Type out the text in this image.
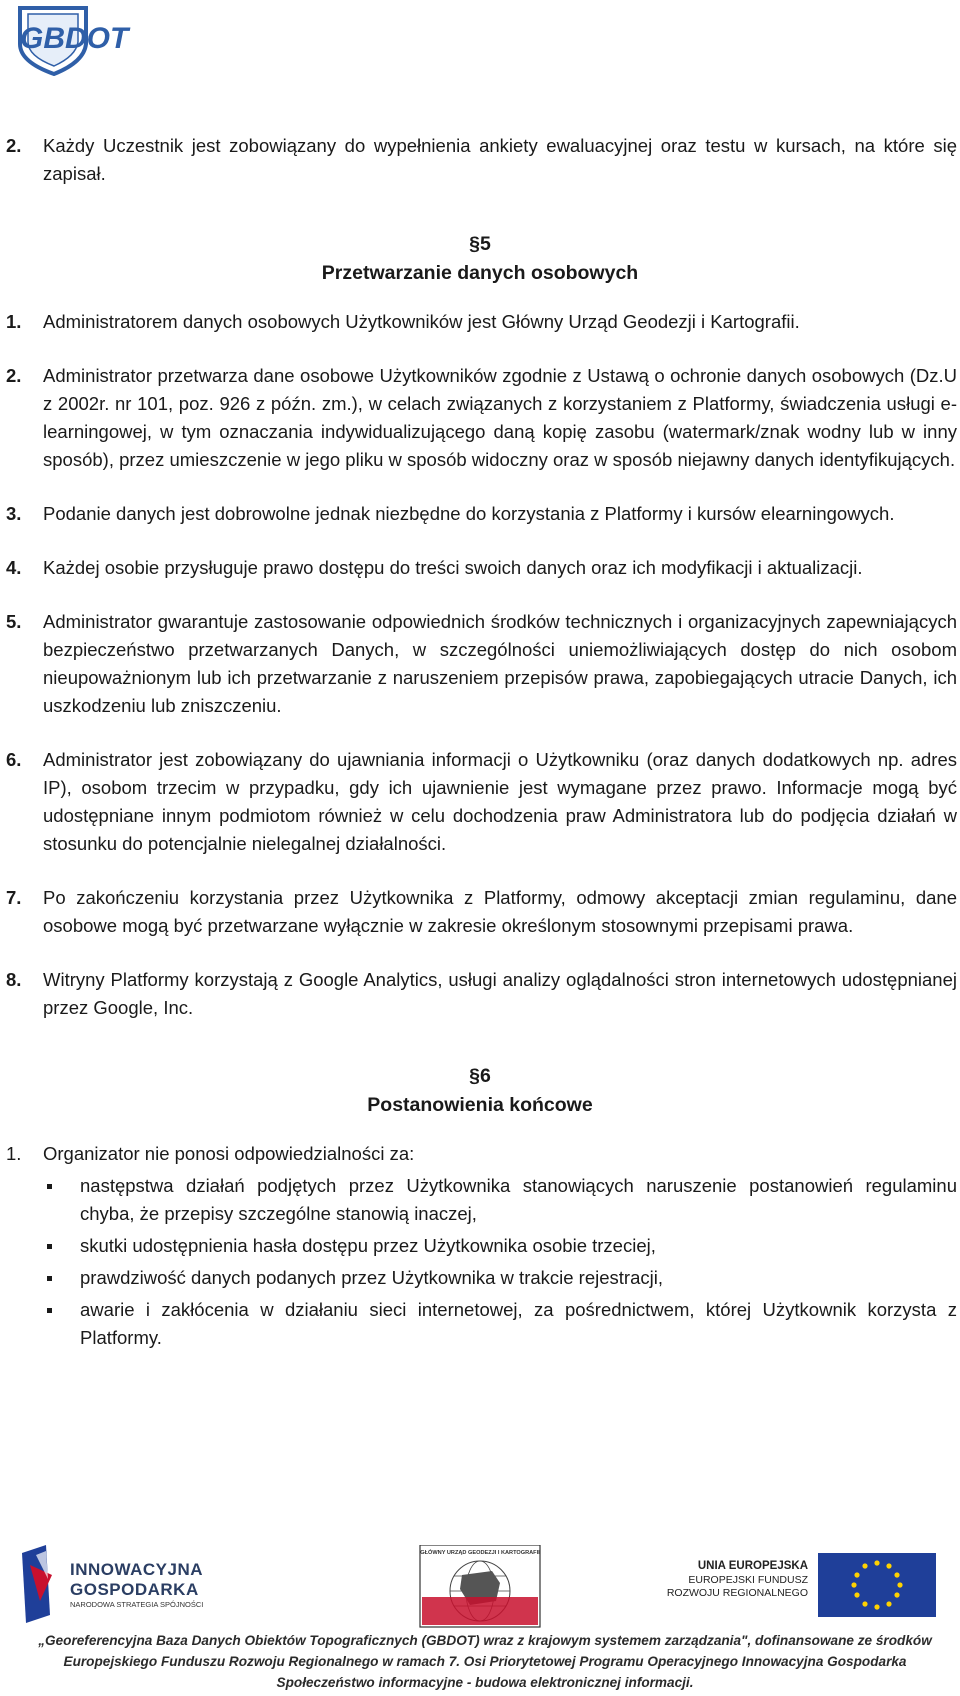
GBDOT
2. Każdy Uczestnik jest zobowiązany do wypełnienia ankiety ewaluacyjnej oraz testu w kursach, na które się zapisał.

§5

Przetwarzanie danych osobowych

1. Administratorem danych osobowych Użytkowników jest Główny Urząd Geodezji i Kartografii.
2. Administrator przetwarza dane osobowe Użytkowników zgodnie z Ustawą o ochronie danych osobowych (Dz.U z 2002r. nr 101, poz. 926 z późn. zm.), w celach związanych z korzystaniem z Platformy, świadczenia usługi e-learningowej, w tym oznaczania indywidualizującego daną kopię zasobu (watermark/znak wodny lub w inny sposób), przez umieszczenie w jego pliku w sposób widoczny oraz w sposób niejawny danych identyfikujących.
3. Podanie danych jest dobrowolne jednak niezbędne do korzystania z Platformy i kursów elearningowych.
4. Każdej osobie przysługuje prawo dostępu do treści swoich danych oraz ich modyfikacji i aktualizacji.
5. Administrator gwarantuje zastosowanie odpowiednich środków technicznych i organizacyjnych zapewniających bezpieczeństwo przetwarzanych Danych, w szczególności uniemożliwiających dostęp do nich osobom nieupoważnionym lub ich przetwarzanie z naruszeniem przepisów prawa, zapobiegających utracie Danych, ich uszkodzeniu lub zniszczeniu.
6. Administrator jest zobowiązany do ujawniania informacji o Użytkowniku (oraz danych dodatkowych np. adres IP), osobom trzecim w przypadku, gdy ich ujawnienie jest wymagane przez prawo. Informacje mogą być udostępniane innym podmiotom również w celu dochodzenia praw Administratora lub do podjęcia działań w stosunku do potencjalnie nielegalnej działalności.
7. Po zakończeniu korzystania przez Użytkownika z Platformy, odmowy akceptacji zmian regulaminu, dane osobowe mogą być przetwarzane wyłącznie w zakresie określonym stosownymi przepisami prawa.
8. Witryny Platformy korzystają z Google Analytics, usługi analizy oglądalności stron internetowych udostępnianej przez Google, Inc.

§6

Postanowienia końcowe

1. Organizator nie ponosi odpowiedzialności za:
następstwa działań podjętych przez Użytkownika stanowiących naruszenie postanowień regulaminu chyba, że przepisy szczególne stanowią inaczej,
skutki udostępnienia hasła dostępu przez Użytkownika osobie trzeciej,
prawdziwość danych podanych przez Użytkownika w trakcie rejestracji,
awarie i zakłócenia w działaniu sieci internetowej, za pośrednictwem, której Użytkownik korzysta z Platformy.
INNOWACYJNA
GOSPODARKA
NARODOWA STRATEGIA SPÓJNOŚCI
GŁÓWNY URZĄD GEODEZJI I KARTOGRAFII
UNIA EUROPEJSKA
EUROPEJSKI FUNDUSZ
ROZWOJU REGIONALNEGO
„Georeferencyjna Baza Danych Obiektów Topograficznych (GBDOT) wraz z krajowym systemem zarządzania", dofinansowane ze środków Europejskiego Funduszu Rozwoju Regionalnego w ramach 7. Osi Priorytetowej Programu Operacyjnego Innowacyjna Gospodarka Społeczeństwo informacyjne - budowa elektronicznej informacji.
